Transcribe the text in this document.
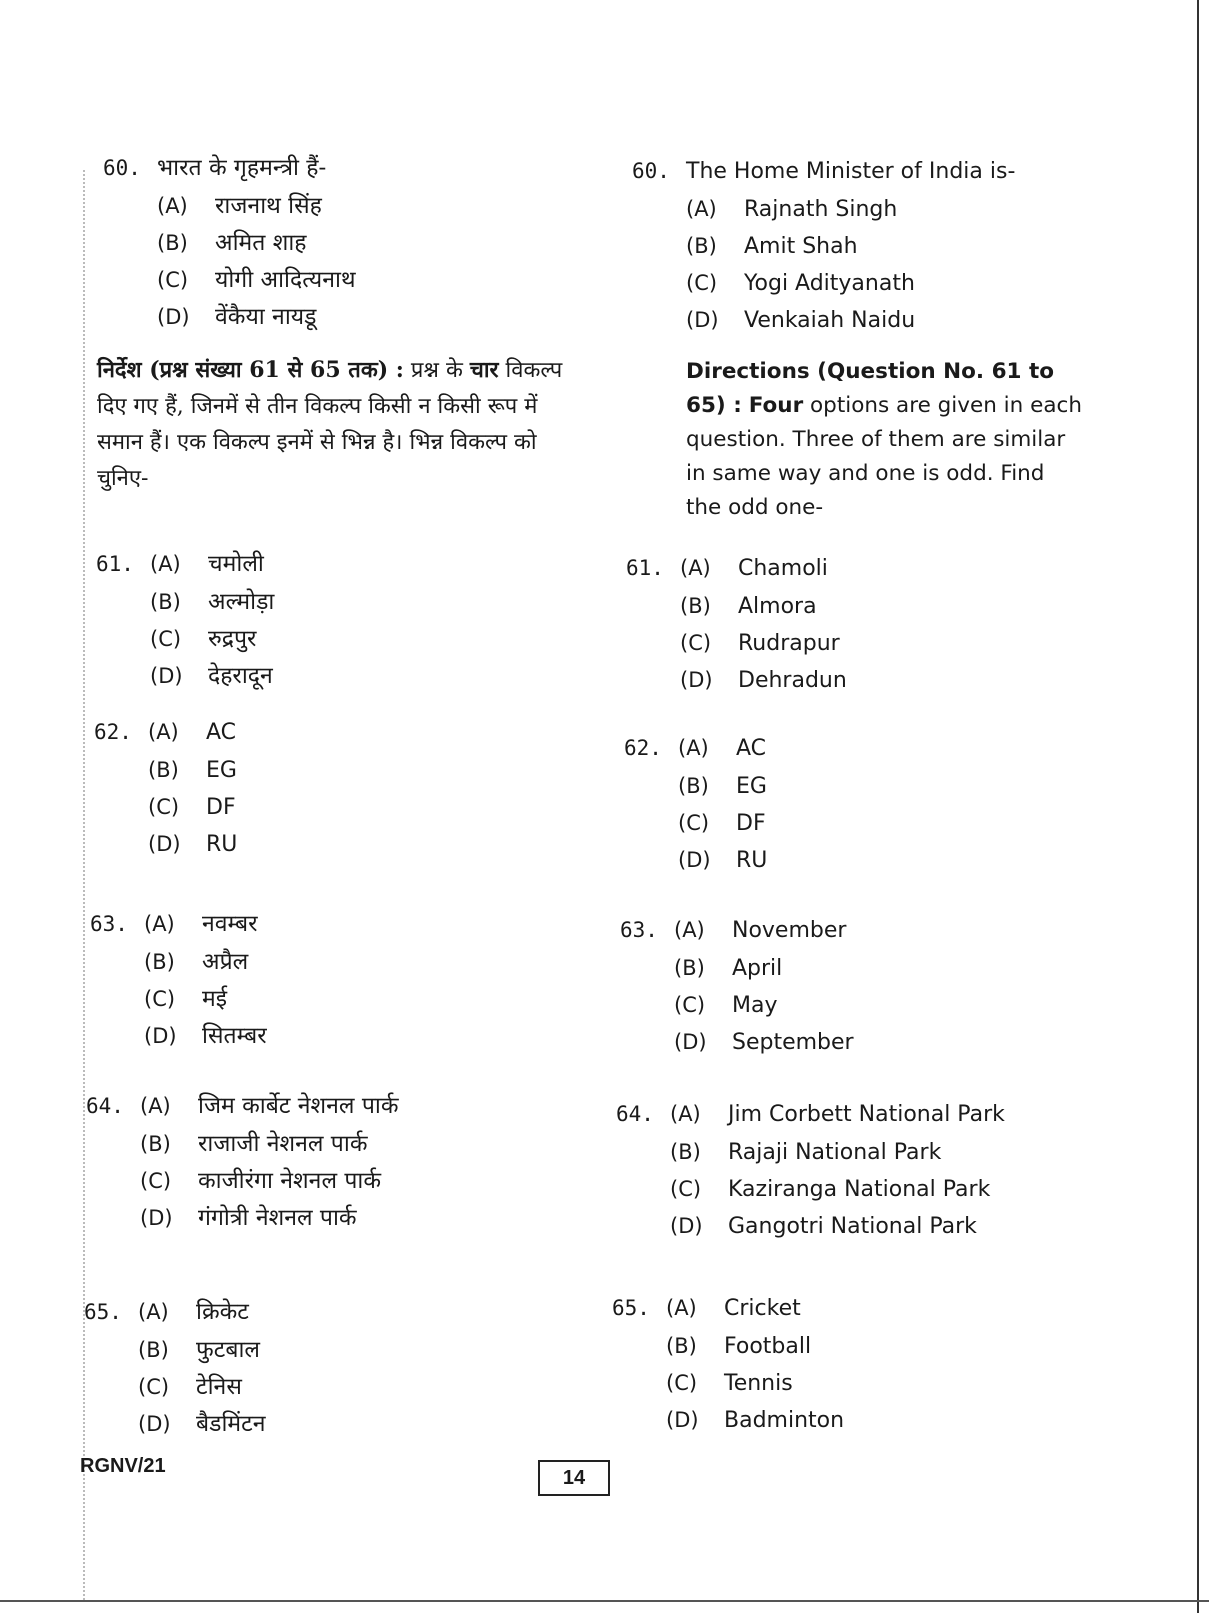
60. भारत के गृहमन्त्री हैं-
(A)	राजनाथ सिंह
(B)	अमित शाह
(C)	योगी आदित्यनाथ
(D)	वेंकैया नायडू
निर्देश (प्रश्न संख्या 61 से 65 तक) : प्रश्न के चार विकल्प दिए गए हैं, जिनमें से तीन विकल्प किसी न किसी रूप में समान हैं। एक विकल्प इनमें से भिन्न है। भिन्न विकल्प को चुनिए-
61. (A)	चमोली
(B)	अल्मोड़ा
(C)	रुद्रपुर
(D)	देहरादून
62. (A)	AC
(B)	EG
(C)	DF
(D)	RU
63. (A)	नवम्बर
(B)	अप्रैल
(C)	मई
(D)	सितम्बर
64. (A)	जिम कार्बेट नेशनल पार्क
(B)	राजाजी नेशनल पार्क
(C)	काजीरंगा नेशनल पार्क
(D)	गंगोत्री नेशनल पार्क
65. (A)	क्रिकेट
(B)	फुटबाल
(C)	टेनिस
(D)	बैडमिंटन
60. The Home Minister of India is-
(A)	Rajnath Singh
(B)	Amit Shah
(C)	Yogi Adityanath
(D)	Venkaiah Naidu
Directions (Question No. 61 to 65) : Four options are given in each question. Three of them are similar in same way and one is odd. Find the odd one-
61. (A)	Chamoli
(B)	Almora
(C)	Rudrapur
(D)	Dehradun
62. (A)	AC
(B)	EG
(C)	DF
(D)	RU
63. (A)	November
(B)	April
(C)	May
(D)	September
64. (A)	Jim Corbett National Park
(B)	Rajaji National Park
(C)	Kaziranga National Park
(D)	Gangotri National Park
65. (A)	Cricket
(B)	Football
(C)	Tennis
(D)	Badminton
RGNV/21
14
